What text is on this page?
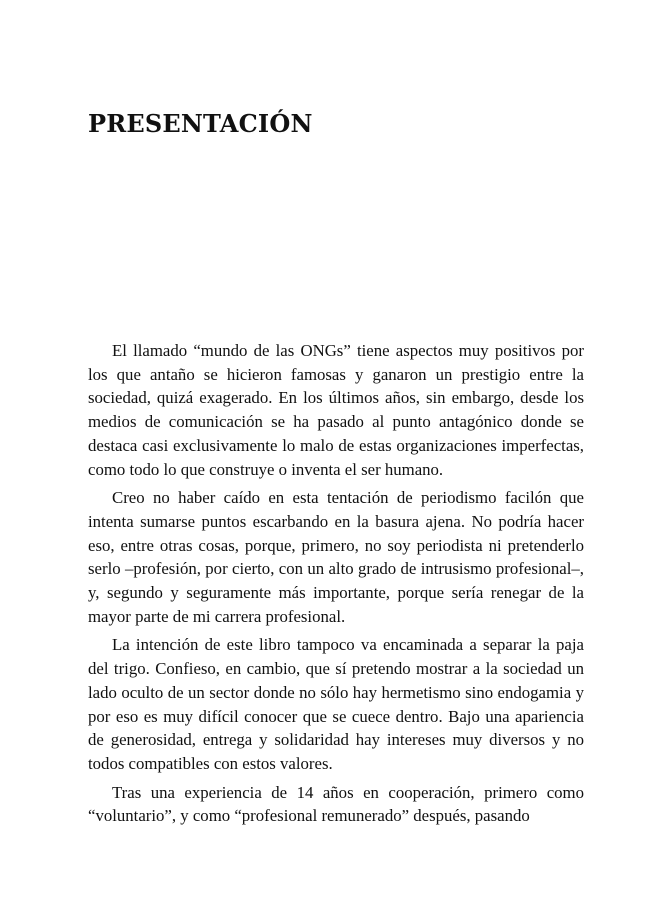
PRESENTACIÓN

El llamado “mundo de las ONGs” tiene aspectos muy positivos por los que antaño se hicieron famosas y ganaron un prestigio entre la sociedad, quizá exagerado. En los últimos años, sin embargo, desde los medios de comunicación se ha pasado al punto antagónico donde se destaca casi exclusivamente lo malo de estas organizaciones imperfectas, como todo lo que construye o inventa el ser humano.

Creo no haber caído en esta tentación de periodismo facilón que intenta sumarse puntos escarbando en la basura ajena. No podría hacer eso, entre otras cosas, porque, primero, no soy periodista ni pretenderlo serlo –profesión, por cierto, con un alto grado de intrusismo profesional–, y, segundo y seguramente más importante, porque sería renegar de la mayor parte de mi carrera profesional.

La intención de este libro tampoco va encaminada a separar la paja del trigo. Confieso, en cambio, que sí pretendo mostrar a la sociedad un lado oculto de un sector donde no sólo hay hermetismo sino endogamia y por eso es muy difícil conocer que se cuece dentro. Bajo una apariencia de generosidad, entrega y solidaridad hay intereses muy diversos y no todos compatibles con estos valores.

Tras una experiencia de 14 años en cooperación, primero como “voluntario”, y como “profesional remunerado” después, pasando
